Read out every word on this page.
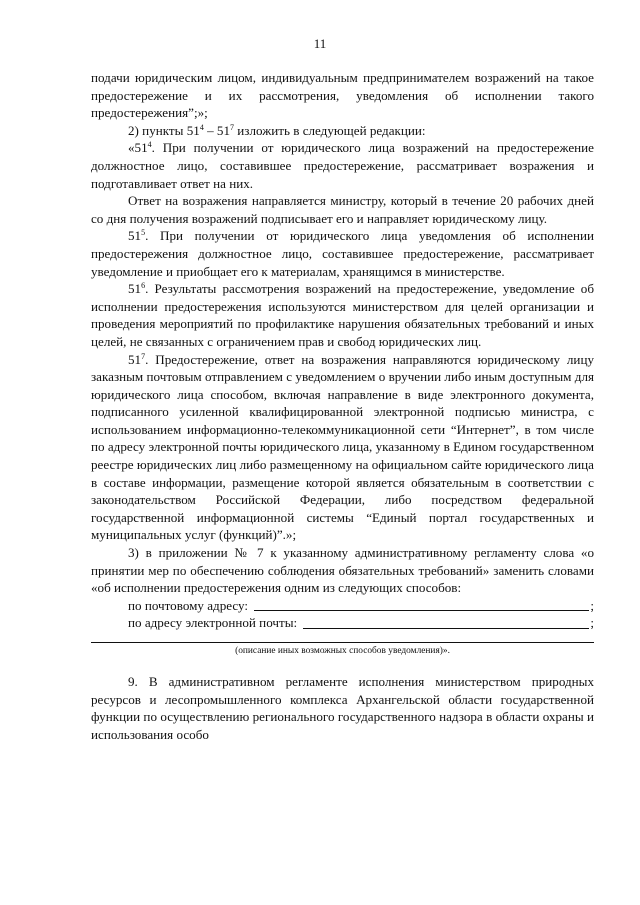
11

подачи юридическим лицом, индивидуальным предпринимателем возражений на такое предостережение и их рассмотрения, уведомления об исполнении такого предостережения”;»;

2) пункты $51^4 - 51^7$ изложить в следующей редакции:

«$51^4$. При получении от юридического лица возражений на предостережение должностное лицо, составившее предостережение, рассматривает возражения и подготавливает ответ на них.

Ответ на возражения направляется министру, который в течение 20 рабочих дней со дня получения возражений подписывает его и направляет юридическому лицу.

$51^5$. При получении от юридического лица уведомления об исполнении предостережения должностное лицо, составившее предостережение, рассматривает уведомление и приобщает его к материалам, хранящимся в министерстве.

$51^6$. Результаты рассмотрения возражений на предостережение, уведомление об исполнении предостережения используются министерством для целей организации и проведения мероприятий по профилактике нарушения обязательных требований и иных целей, не связанных с ограничением прав и свобод юридических лиц.

$51^7$. Предостережение, ответ на возражения направляются юридическому лицу заказным почтовым отправлением с уведомлением о вручении либо иным доступным для юридического лица способом, включая направление в виде электронного документа, подписанного усиленной квалифицированной электронной подписью министра, с использованием информационно-телекоммуникационной сети “Интернет”, в том числе по адресу электронной почты юридического лица, указанному в Едином государственном реестре юридических лиц либо размещенному на официальном сайте юридического лица в составе информации, размещение которой является обязательным в соответствии с законодательством Российской Федерации, либо посредством федеральной государственной информационной системы “Единый портал государственных и муниципальных услуг (функций)”.»;

3) в приложении № 7 к указанному административному регламенту слова «о принятии мер по обеспечению соблюдения обязательных требований» заменить словами «об исполнении предостережения одним из следующих способов:

по почтовому адресу:	;
по адресу электронной почты:	;
(описание иных возможных способов уведомления)».

9. В административном регламенте исполнения министерством природных ресурсов и лесопромышленного комплекса Архангельской области государственной функции по осуществлению регионального государственного надзора в области охраны и использования особо
